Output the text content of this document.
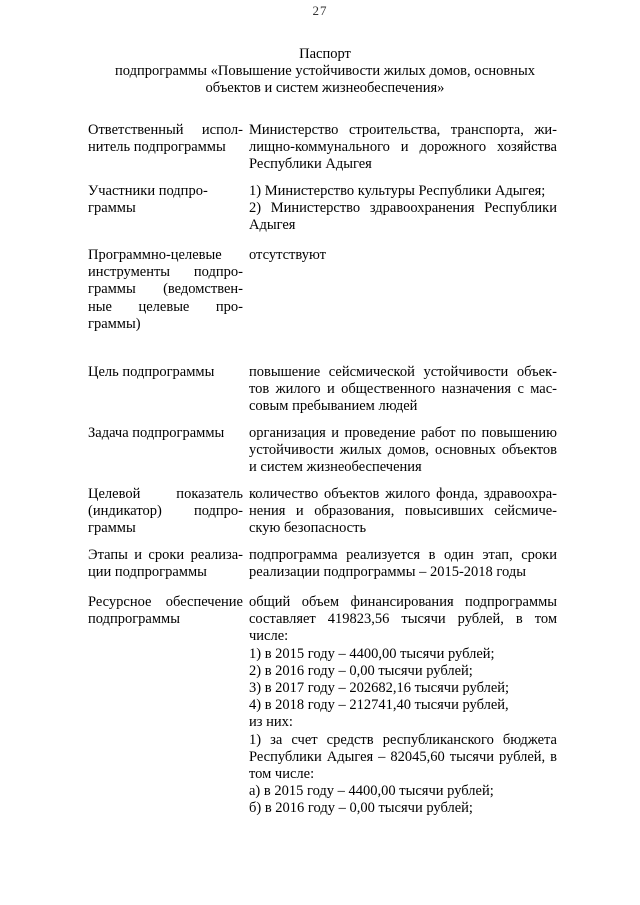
27
Паспорт
подпрограммы «Повышение устойчивости жилых домов, основных
объектов и систем жизнеобеспечения»
Ответственный испол-
нитель подпрограммы
Министерство строительства, транспорта, жи-
лищно-коммунального и дорожного хозяйства
Республики Адыгея
Участники подпро-
граммы
1) Министерство культуры Республики Адыгея;
2) Министерство здравоохранения Республики
Адыгея
Программно-целевые
инструменты подпро-
граммы (ведомствен-
ные целевые про-
граммы)
отсутствуют
Цель подпрограммы	повышение сейсмической устойчивости объек-
тов жилого и общественного назначения с мас-
совым пребыванием людей
Задача подпрограммы	организация и проведение работ по повышению
устойчивости жилых домов, основных объектов
и систем жизнеобеспечения
Целевой показатель
(индикатор) подпро-
граммы
количество объектов жилого фонда, здравоохра-
нения и образования, повысивших сейсмиче-
скую безопасность
Этапы и сроки реализа-
ции подпрограммы
подпрограмма реализуется в один этап, сроки
реализации подпрограммы – 2015-2018 годы
Ресурсное обеспечение
подпрограммы
общий объем финансирования подпрограммы
составляет 419823,56 тысячи рублей, в том
числе:
1) в 2015 году – 4400,00 тысячи рублей;
2) в 2016 году – 0,00 тысячи рублей;
3) в 2017 году – 202682,16 тысячи рублей;
4) в 2018 году – 212741,40 тысячи рублей,
из них:
1) за счет средств республиканского бюджета
Республики Адыгея – 82045,60 тысячи рублей, в
том числе:
а) в 2015 году – 4400,00 тысячи рублей;
б) в 2016 году – 0,00 тысячи рублей;
